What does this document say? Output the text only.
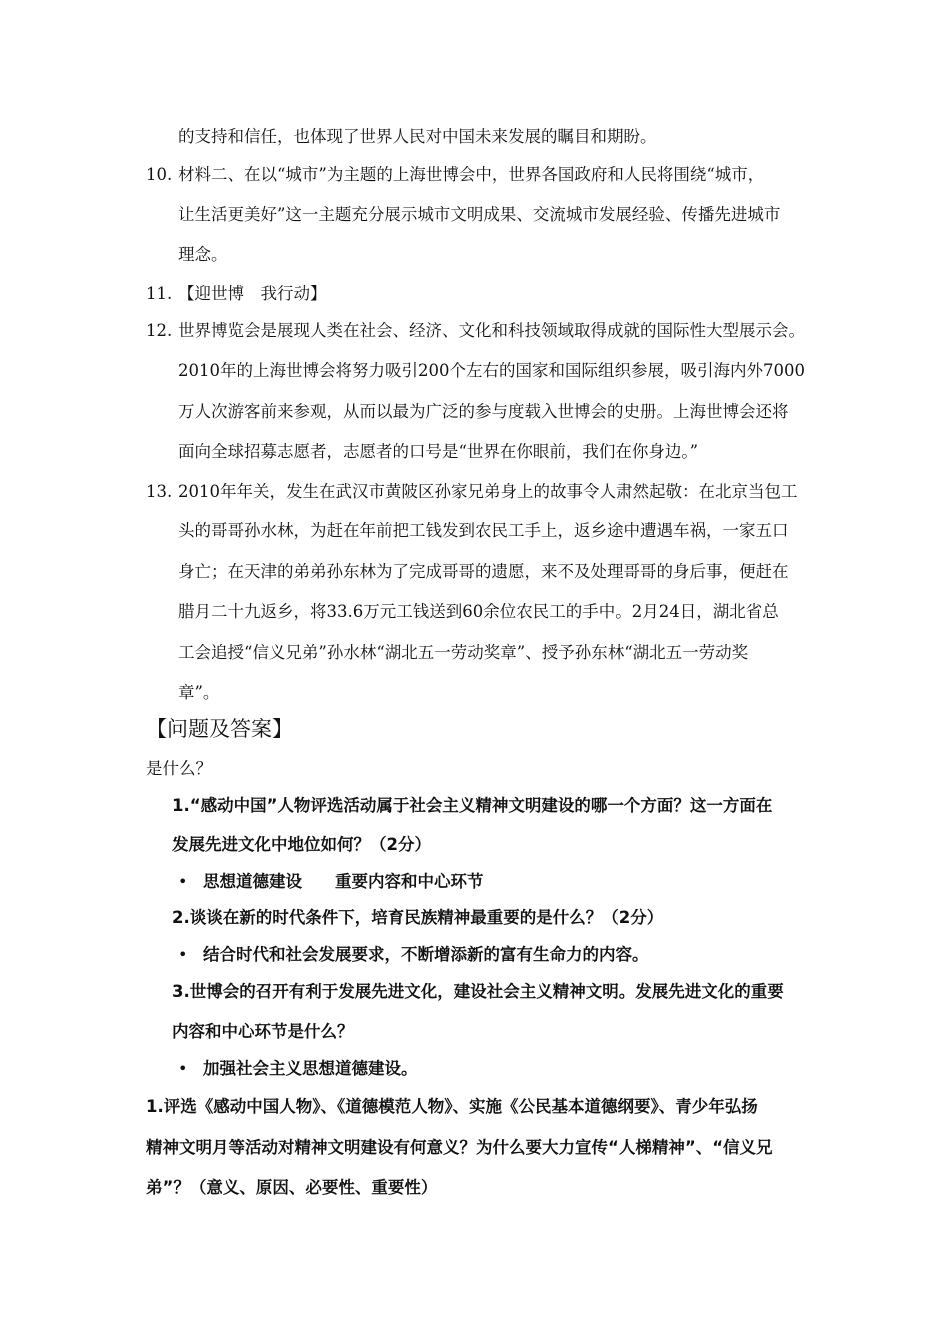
的支持和信任，也体现了世界人民对中国未来发展的瞩目和期盼。
10. 材料二、在以“城市”为主题的上海世博会中，世界各国政府和人民将围绕“城市，
让生活更美好”这一主题充分展示城市文明成果、交流城市发展经验、传播先进城市
理念。
11. 【迎世博　我行动】
12. 世界博览会是展现人类在社会、经济、文化和科技领域取得成就的国际性大型展示会。
2010年的上海世博会将努力吸引200个左右的国家和国际组织参展，吸引海内外7000
万人次游客前来参观，从而以最为广泛的参与度载入世博会的史册。上海世博会还将
面向全球招募志愿者，志愿者的口号是“世界在你眼前，我们在你身边。”
13. 2010年年关，发生在武汉市黄陂区孙家兄弟身上的故事令人肃然起敬：在北京当包工
头的哥哥孙水林，为赶在年前把工钱发到农民工手上，返乡途中遭遇车祸，一家五口
身亡；在天津的弟弟孙东林为了完成哥哥的遗愿，来不及处理哥哥的身后事，便赶在
腊月二十九返乡，将33.6万元工钱送到60余位农民工的手中。2月24日，湖北省总
工会追授“信义兄弟”孙水林“湖北五一劳动奖章”、授予孙东林“湖北五一劳动奖
章”。
【问题及答案】
是什么？
1.“感动中国”人物评选活动属于社会主义精神文明建设的哪一个方面？这一方面在
发展先进文化中地位如何？（2分）
• 思想道德建设　　重要内容和中心环节
2.谈谈在新的时代条件下，培育民族精神最重要的是什么？（2分）
• 结合时代和社会发展要求，不断增添新的富有生命力的内容。
3.世博会的召开有利于发展先进文化，建设社会主义精神文明。发展先进文化的重要
内容和中心环节是什么？
• 加强社会主义思想道德建设。
1.评选《感动中国人物》、《道德模范人物》、实施《公民基本道德纲要》、青少年弘扬
精神文明月等活动对精神文明建设有何意义？为什么要大力宣传“人梯精神”、“信义兄
弟”？（意义、原因、必要性、重要性）
